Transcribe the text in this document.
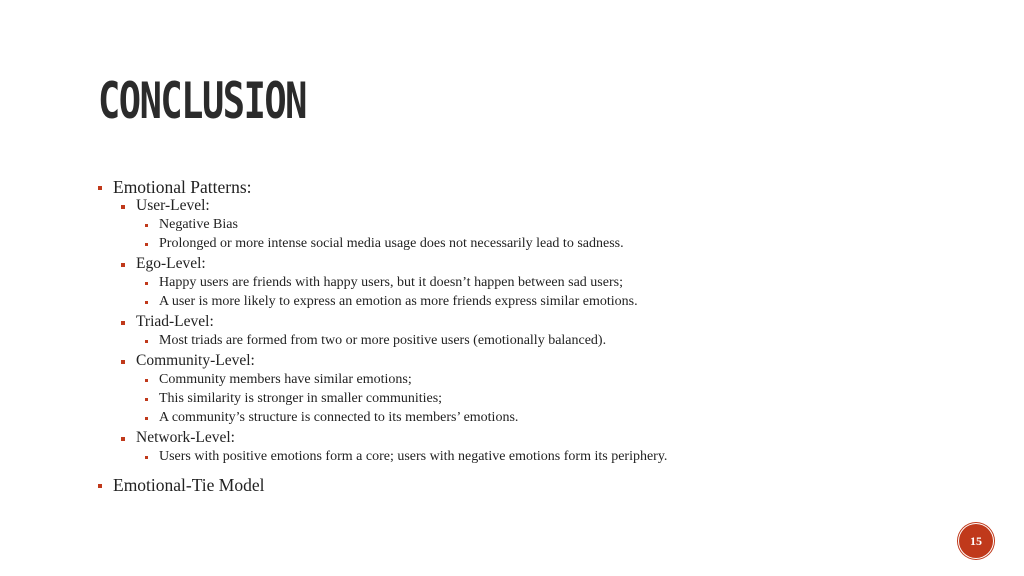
CONCLUSION
Emotional Patterns:
User-Level:
Negative Bias
Prolonged or more intense social media usage does not necessarily lead to sadness.
Ego-Level:
Happy users are friends with happy users, but it doesn’t happen between sad users;
A user is more likely to express an emotion as more friends express similar emotions.
Triad-Level:
Most triads are formed from two or more positive users (emotionally balanced).
Community-Level:
Community members have similar emotions;
This similarity is stronger in smaller communities;
A community’s structure is connected to its members’ emotions.
Network-Level:
Users with positive emotions form a core; users with negative emotions form its periphery.
Emotional-Tie Model
15
